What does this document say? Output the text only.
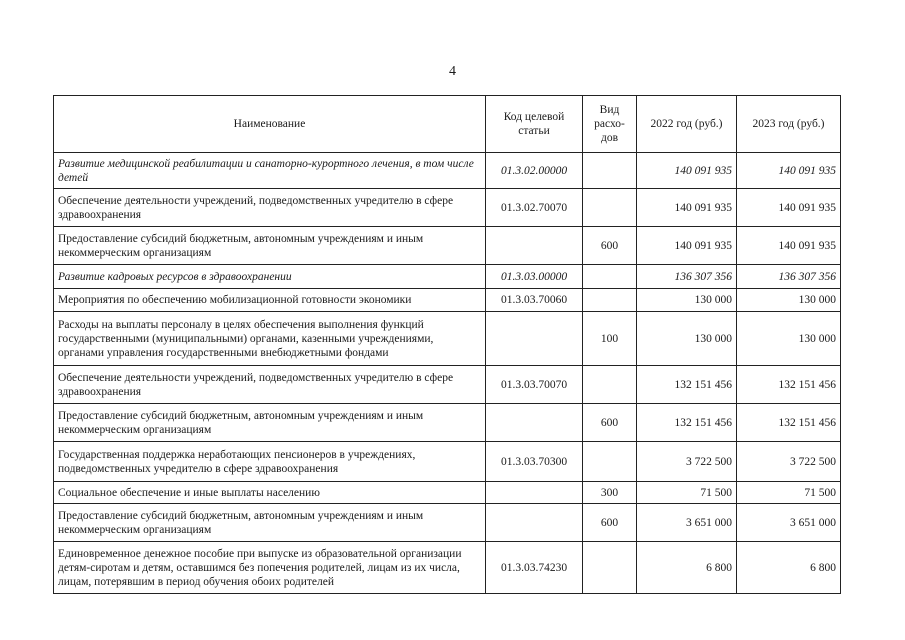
4
Наименование	Код целевой статьи	Вид расхо-дов	2022 год (руб.)	2023 год (руб.)
Развитие медицинской реабилитации и санаторно-курортного лечения, в том числе детей	01.3.02.00000		140 091 935	140 091 935
Обеспечение деятельности учреждений, подведомственных учредителю в сфере здравоохранения	01.3.02.70070		140 091 935	140 091 935
Предоставление субсидий бюджетным, автономным учреждениям и иным некоммерческим организациям		600	140 091 935	140 091 935
Развитие кадровых ресурсов в здравоохранении	01.3.03.00000		136 307 356	136 307 356
Мероприятия по обеспечению мобилизационной готовности экономики	01.3.03.70060		130 000	130 000
Расходы на выплаты персоналу в целях обеспечения выполнения функций государственными (муниципальными) органами, казенными учреждениями, органами управления государственными внебюджетными фондами		100	130 000	130 000
Обеспечение деятельности учреждений, подведомственных учредителю в сфере здравоохранения	01.3.03.70070		132 151 456	132 151 456
Предоставление субсидий бюджетным, автономным учреждениям и иным некоммерческим организациям		600	132 151 456	132 151 456
Государственная поддержка неработающих пенсионеров в учреждениях, подведомственных учредителю в сфере здравоохранения	01.3.03.70300		3 722 500	3 722 500
Социальное обеспечение и иные выплаты населению		300	71 500	71 500
Предоставление субсидий бюджетным, автономным учреждениям и иным некоммерческим организациям		600	3 651 000	3 651 000
Единовременное денежное пособие при выпуске из образовательной организации детям-сиротам и детям, оставшимся без попечения родителей, лицам из их числа, лицам, потерявшим в период обучения обоих родителей	01.3.03.74230		6 800	6 800
